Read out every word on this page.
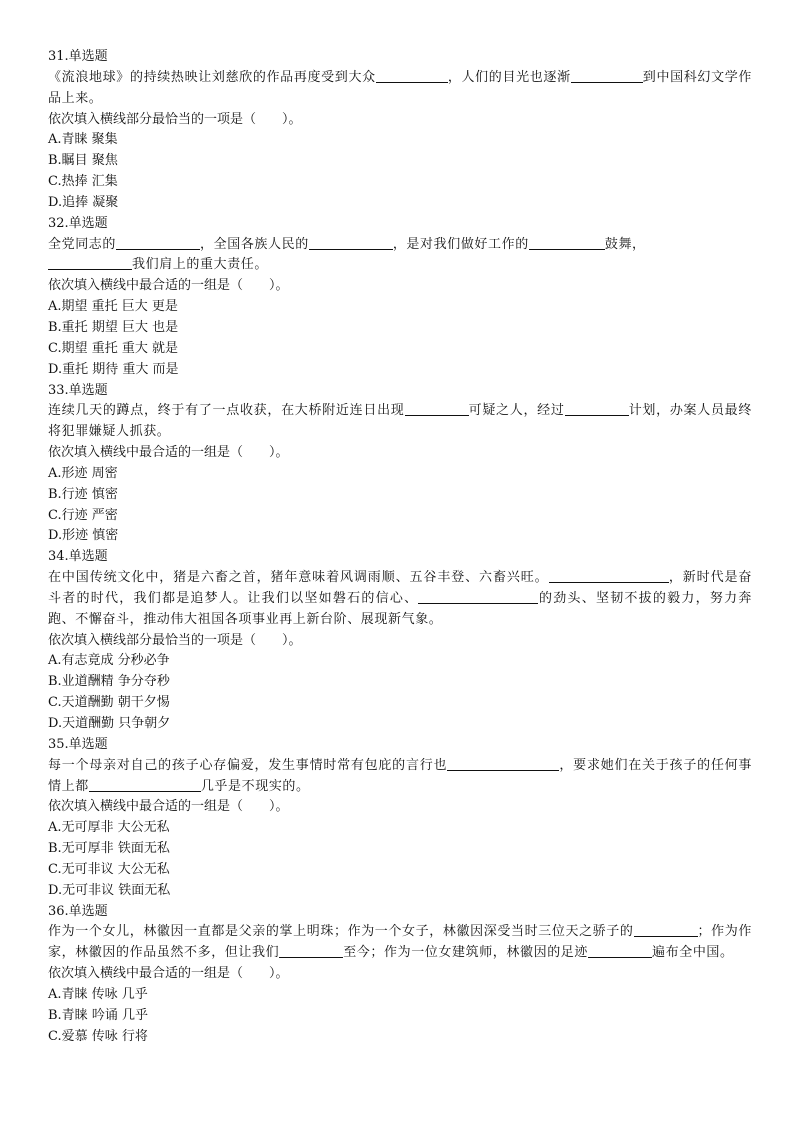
31.单选题
《流浪地球》的持续热映让刘慈欣的作品再度受到大众	，人们的目光也逐渐	到中国科幻文学作品上来。
依次填入横线部分最恰当的一项是（　　）。
A.青睐 聚集
B.瞩目 聚焦
C.热捧 汇集
D.追捧 凝聚
32.单选题
全党同志的	，全国各族人民的	，是对我们做好工作的	鼓舞，
我们肩上的重大责任。
依次填入横线中最合适的一组是（　　）。
A.期望 重托 巨大 更是
B.重托 期望 巨大 也是
C.期望 重托 重大 就是
D.重托 期待 重大 而是
33.单选题
连续几天的蹲点，终于有了一点收获，在大桥附近连日出现	可疑之人，经过	计划，办案人员最终将犯罪嫌疑人抓获。
依次填入横线中最合适的一组是（　　）。
A.形迹 周密
B.行迹 慎密
C.行迹 严密
D.形迹 慎密
34.单选题
在中国传统文化中，猪是六畜之首，猪年意味着风调雨顺、五谷丰登、六畜兴旺。	，新时代是奋斗者的时代，我们都是追梦人。让我们以坚如磐石的信心、	的劲头、坚韧不拔的毅力，努力奔跑、不懈奋斗，推动伟大祖国各项事业再上新台阶、展现新气象。
依次填入横线部分最恰当的一项是（　　）。
A.有志竟成 分秒必争
B.业道酬精 争分夺秒
C.天道酬勤 朝干夕惕
D.天道酬勤 只争朝夕
35.单选题
每一个母亲对自己的孩子心存偏爱，发生事情时常有包庇的言行也	，要求她们在关于孩子的任何事情上都	几乎是不现实的。
依次填入横线中最合适的一组是（　　）。
A.无可厚非 大公无私
B.无可厚非 铁面无私
C.无可非议 大公无私
D.无可非议 铁面无私
36.单选题
作为一个女儿，林徽因一直都是父亲的掌上明珠；作为一个女子，林徽因深受当时三位天之骄子的	；作为作家，林徽因的作品虽然不多，但让我们	至今；作为一位女建筑师，林徽因的足迹	遍布全中国。
依次填入横线中最合适的一组是（　　）。
A.青睐 传咏 几乎
B.青睐 吟诵 几乎
C.爱慕 传咏 行将
